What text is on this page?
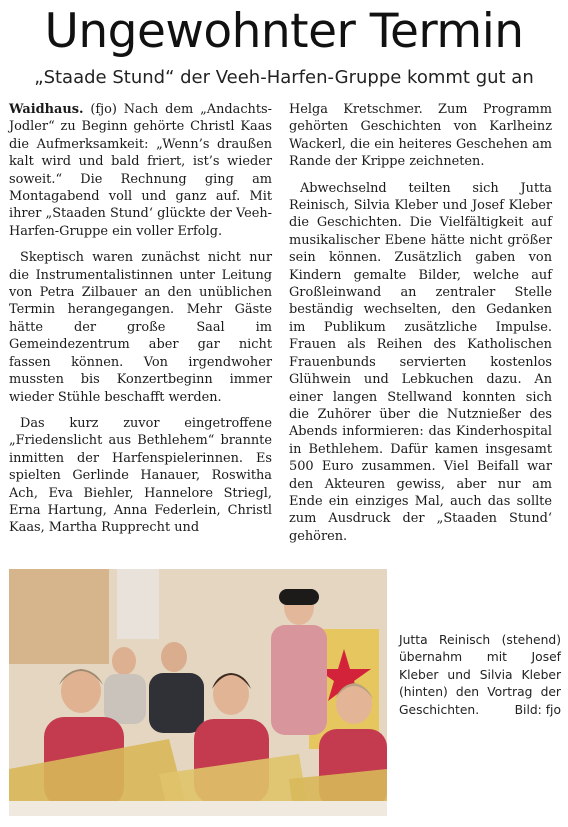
Ungewohnter Termin
„Staade Stund“ der Veeh-Harfen-Gruppe kommt gut an

Waidhaus. (fjo) Nach dem „Andachts-Jodler“ zu Beginn gehörte Christl Kaas die Aufmerksamkeit: „Wenn’s draußen kalt wird und bald friert, ist’s wieder soweit.“ Die Rechnung ging am Montagabend voll und ganz auf. Mit ihrer „Staaden Stund‘ glückte der Veeh-Harfen-Gruppe ein voller Erfolg.

Skeptisch waren zunächst nicht nur die Instrumentalistinnen unter Leitung von Petra Zilbauer an den unüblichen Termin herangegangen. Mehr Gäste hätte der große Saal im Gemeindezentrum aber gar nicht fassen können. Von irgendwoher mussten bis Konzertbeginn immer wieder Stühle beschafft werden.

Das kurz zuvor eingetroffene „Friedenslicht aus Bethlehem“ brannte inmitten der Harfenspielerinnen. Es spielten Gerlinde Hanauer, Roswitha Ach, Eva Biehler, Hannelore Striegl, Erna Hartung, Anna Federlein, Christl Kaas, Martha Rupprecht und

Helga Kretschmer. Zum Programm gehörten Geschichten von Karlheinz Wackerl, die ein heiteres Geschehen am Rande der Krippe zeichneten.

Abwechselnd teilten sich Jutta Reinisch, Silvia Kleber und Josef Kleber die Geschichten. Die Vielfältigkeit auf musikalischer Ebene hätte nicht größer sein können. Zusätzlich gaben von Kindern gemalte Bilder, welche auf Großleinwand an zentraler Stelle beständig wechselten, den Gedanken im Publikum zusätzliche Impulse. Frauen als Reihen des Katholischen Frauenbunds servierten kostenlos Glühwein und Lebkuchen dazu. An einer langen Stellwand konnten sich die Zuhörer über die Nutznießer des Abends informieren: das Kinderhospital in Bethlehem. Dafür kamen insgesamt 500 Euro zusammen. Viel Beifall war den Akteuren gewiss, aber nur am Ende ein einziges Mal, auch das sollte zum Ausdruck der „Staaden Stund‘ gehören.

Jutta Reinisch (stehend) übernahm mit Josef Kleber und Silvia Kleber (hinten) den Vortrag der Geschichten.	Bild: fjo
